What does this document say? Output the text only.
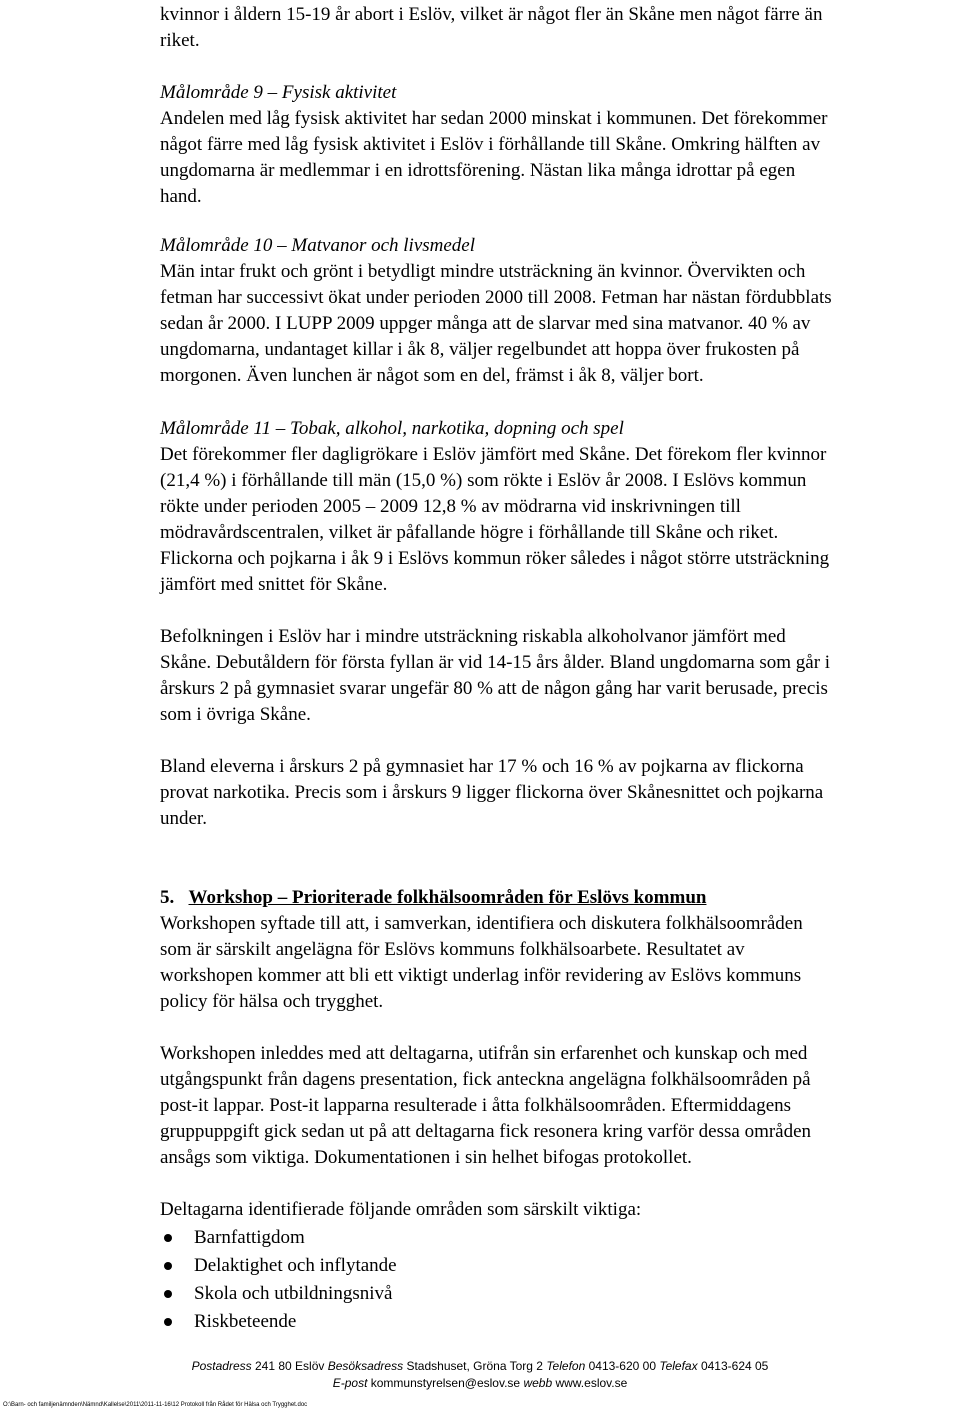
kvinnor i åldern 15-19 år abort i Eslöv, vilket är något fler än Skåne men något färre än

riket.

Målområde 9 – Fysisk aktivitet

Andelen med låg fysisk aktivitet har sedan 2000 minskat i kommunen. Det förekommer

något färre med låg fysisk aktivitet i Eslöv i förhållande till Skåne. Omkring hälften av

ungdomarna är medlemmar i en idrottsförening. Nästan lika många idrottar på egen

hand.

Målområde 10 – Matvanor och livsmedel

Män intar frukt och grönt i betydligt mindre utsträckning än kvinnor. Övervikten och

fetman har successivt ökat under perioden 2000 till 2008. Fetman har nästan fördubblats

sedan år 2000. I LUPP 2009 uppger många att de slarvar med sina matvanor. 40 % av

ungdomarna, undantaget killar i åk 8, väljer regelbundet att hoppa över frukosten på

morgonen. Även lunchen är något som en del, främst i åk 8, väljer bort.

Målområde 11 – Tobak, alkohol, narkotika, dopning och spel

Det förekommer fler dagligrökare i Eslöv jämfört med Skåne. Det förekom fler kvinnor

(21,4 %) i förhållande till män (15,0 %) som rökte i Eslöv år 2008. I Eslövs kommun

rökte under perioden 2005 – 2009 12,8 % av mödrarna vid inskrivningen till

mödravårdscentralen, vilket är påfallande högre i förhållande till Skåne och riket.

Flickorna och pojkarna i åk 9 i Eslövs kommun röker således i något större utsträckning

jämfört med snittet för Skåne.

Befolkningen i Eslöv har i mindre utsträckning riskabla alkoholvanor jämfört med

Skåne. Debutåldern för första fyllan är vid 14-15 års ålder. Bland ungdomarna som går i

årskurs 2 på gymnasiet svarar ungefär 80 % att de någon gång har varit berusade, precis

som i övriga Skåne.

Bland eleverna i årskurs 2 på gymnasiet har 17 % och 16 % av pojkarna av flickorna

provat narkotika. Precis som i årskurs 9 ligger flickorna över Skånesnittet och pojkarna

under.

5. Workshop – Prioriterade folkhälsoområden för Eslövs kommun

Workshopen syftade till att, i samverkan, identifiera och diskutera folkhälsoområden

som är särskilt angelägna för Eslövs kommuns folkhälsoarbete. Resultatet av

workshopen kommer att bli ett viktigt underlag inför revidering av Eslövs kommuns

policy för hälsa och trygghet.

Workshopen inleddes med att deltagarna, utifrån sin erfarenhet och kunskap och med

utgångspunkt från dagens presentation, fick anteckna angelägna folkhälsoområden på

post-it lappar. Post-it lapparna resulterade i åtta folkhälsoområden. Eftermiddagens

gruppuppgift gick sedan ut på att deltagarna fick resonera kring varför dessa områden

ansågs som viktiga. Dokumentationen i sin helhet bifogas protokollet.

Deltagarna identifierade följande områden som särskilt viktiga:

Barnfattigdom
Delaktighet och inflytande
Skola och utbildningsnivå
Riskbeteende
Postadress 241 80 Eslöv Besöksadress Stadshuset, Gröna Torg 2 Telefon 0413-620 00 Telefax 0413-624 05
E-post kommunstyrelsen@eslov.se webb www.eslov.se
O:\Barn- och familjenämnden\Nämnd\Kallelse\2011\2011-11-16\12 Protokoll från Rådet för Hälsa och Trygghet.doc
